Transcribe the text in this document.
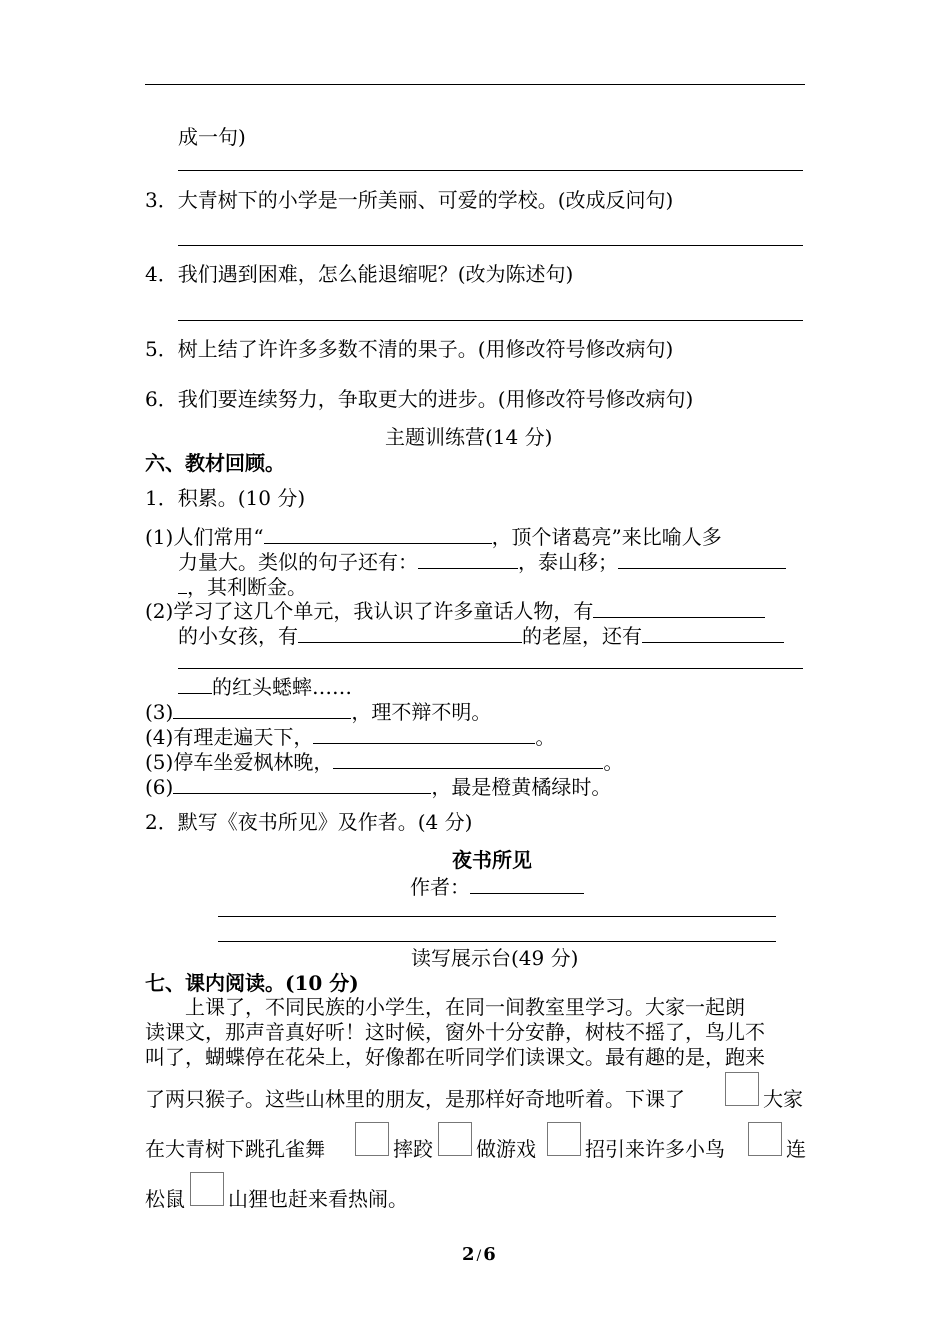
成一句)
3．大青树下的小学是一所美丽、可爱的学校。(改成反问句)
4．我们遇到困难，怎么能退缩呢？(改为陈述句)
5．树上结了许许多多数不清的果子。(用修改符号修改病句)
6．我们要连续努力，争取更大的进步。(用修改符号修改病句)
主题训练营(14 分)
六、教材回顾。
1．积累。(10 分)
(1)人们常用“	，顶个诸葛亮”来比喻人多
力量大。类似的句子还有：	，泰山移；
，其利断金。
(2)学习了这几个单元，我认识了许多童话人物，有
的小女孩，有	的老屋，还有
的红头蟋蟀……
(3)	，理不辩不明。
(4)有理走遍天下，	。
(5)停车坐爱枫林晚，	。
(6)	，最是橙黄橘绿时。
2．默写《夜书所见》及作者。(4 分)
夜书所见
作者：
读写展示台(49 分)
七、课内阅读。(10 分)
上课了，不同民族的小学生，在同一间教室里学习。大家一起朗
读课文，那声音真好听！这时候，窗外十分安静，树枝不摇了，鸟儿不
叫了，蝴蝶停在花朵上，好像都在听同学们读课文。最有趣的是，跑来
了两只猴子。这些山林里的朋友，是那样好奇地听着。下课了	大家
在大青树下跳孔雀舞	摔跤 做游戏 招引来许多小鸟	连
松鼠 山狸也赶来看热闹。
2 / 6
